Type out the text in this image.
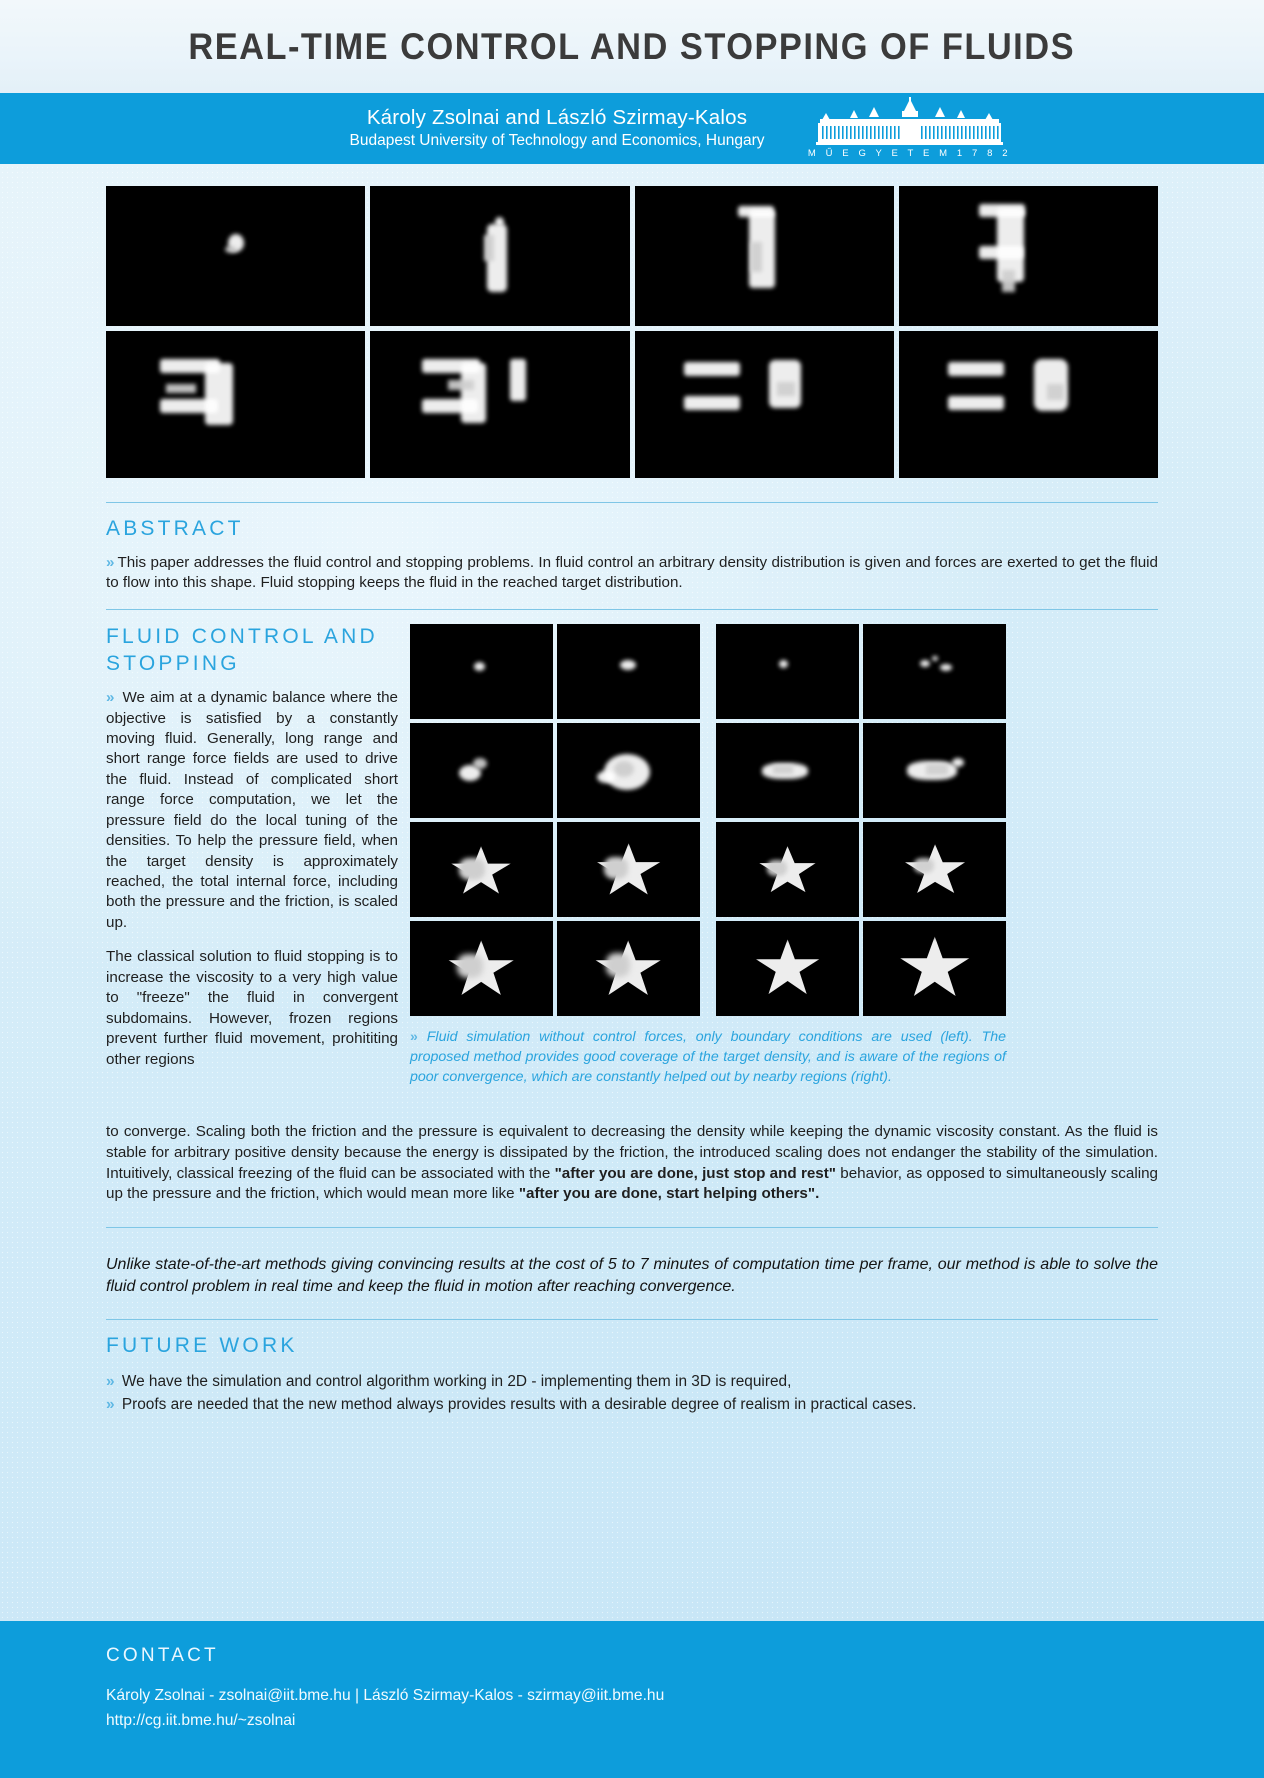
REAL-TIME CONTROL AND STOPPING OF FLUIDS
Károly Zsolnai and László Szirmay-Kalos
Budapest University of Technology and Economics, Hungary
M Ű E G Y E T E M 1 7 8 2
ABSTRACT
» This paper addresses the fluid control and stopping problems. In fluid control an arbitrary density distribution is given and forces are exerted to get the fluid to flow into this shape. Fluid stopping keeps the fluid in the reached target distribution.
FLUID CONTROL AND
STOPPING

» We aim at a dynamic balance where the objective is satisfied by a constantly moving fluid. Generally, long range and short range force fields are used to drive the fluid. Instead of complicated short range force computation, we let the pressure field do the local tuning of the densities. To help the pressure field, when the target density is approximately reached, the total internal force, including both the pressure and the friction, is scaled up.

The classical solution to fluid stopping is to increase the viscosity to a very high value to "freeze" the fluid in convergent subdomains. However, frozen regions prevent further fluid movement, prohititing other regions

» Fluid simulation without control forces, only boundary conditions are used (left). The proposed method provides good coverage of the target density, and is aware of the regions of poor convergence, which are constantly helped out by nearby regions (right).
to converge. Scaling both the friction and the pressure is equivalent to decreasing the density while keeping the dynamic viscosity constant. As the fluid is stable for arbitrary positive density because the energy is dissipated by the friction, the introduced scaling does not endanger the stability of the simulation. Intuitively, classical freezing of the fluid can be associated with the "after you are done, just stop and rest" behavior, as opposed to simultaneously scaling up the pressure and the friction, which would mean more like "after you are done, start helping others".
Unlike state-of-the-art methods giving convincing results at the cost of 5 to 7 minutes of computation time per frame, our method is able to solve the fluid control problem in real time and keep the fluid in motion after reaching convergence.
FUTURE WORK
» We have the simulation and control algorithm working in 2D - implementing them in 3D is required,
» Proofs are needed that the new method always provides results with a desirable degree of realism in practical cases.
CONTACT
Károly Zsolnai - zsolnai@iit.bme.hu | László Szirmay-Kalos - szirmay@iit.bme.hu
http://cg.iit.bme.hu/~zsolnai
